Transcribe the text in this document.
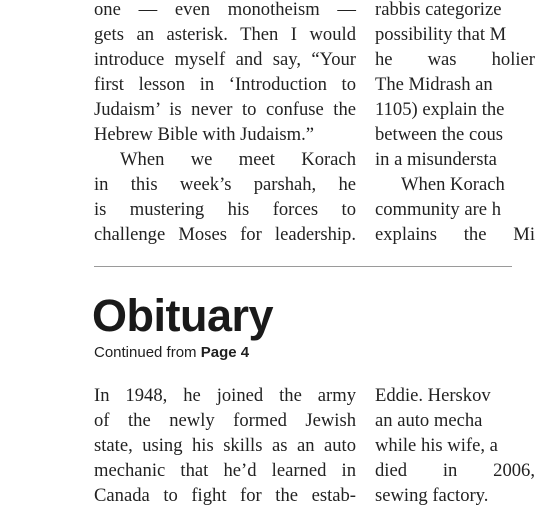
one — even monotheism —
gets an asterisk. Then I would
introduce myself and say, “Your
first lesson in ‘Introduction to
Judaism’ is never to confuse the
Hebrew Bible with Judaism.”
When we meet Korach
in this week’s parshah, he
is mustering his forces to
challenge Moses for leadership.
rabbis categorize
possibility that M
he was holier
The Midrash an
1105) explain the
between the cous
in a misundersta
When Korach
community are h
explains the Mi
Obituary
Continued from Page 4
In 1948, he joined the army
of the newly formed Jewish
state, using his skills as an auto
mechanic that he’d learned in
Canada to fight for the estab-
Eddie. Herskov
an auto mecha
while his wife, a
died in 2006,
sewing factory.
